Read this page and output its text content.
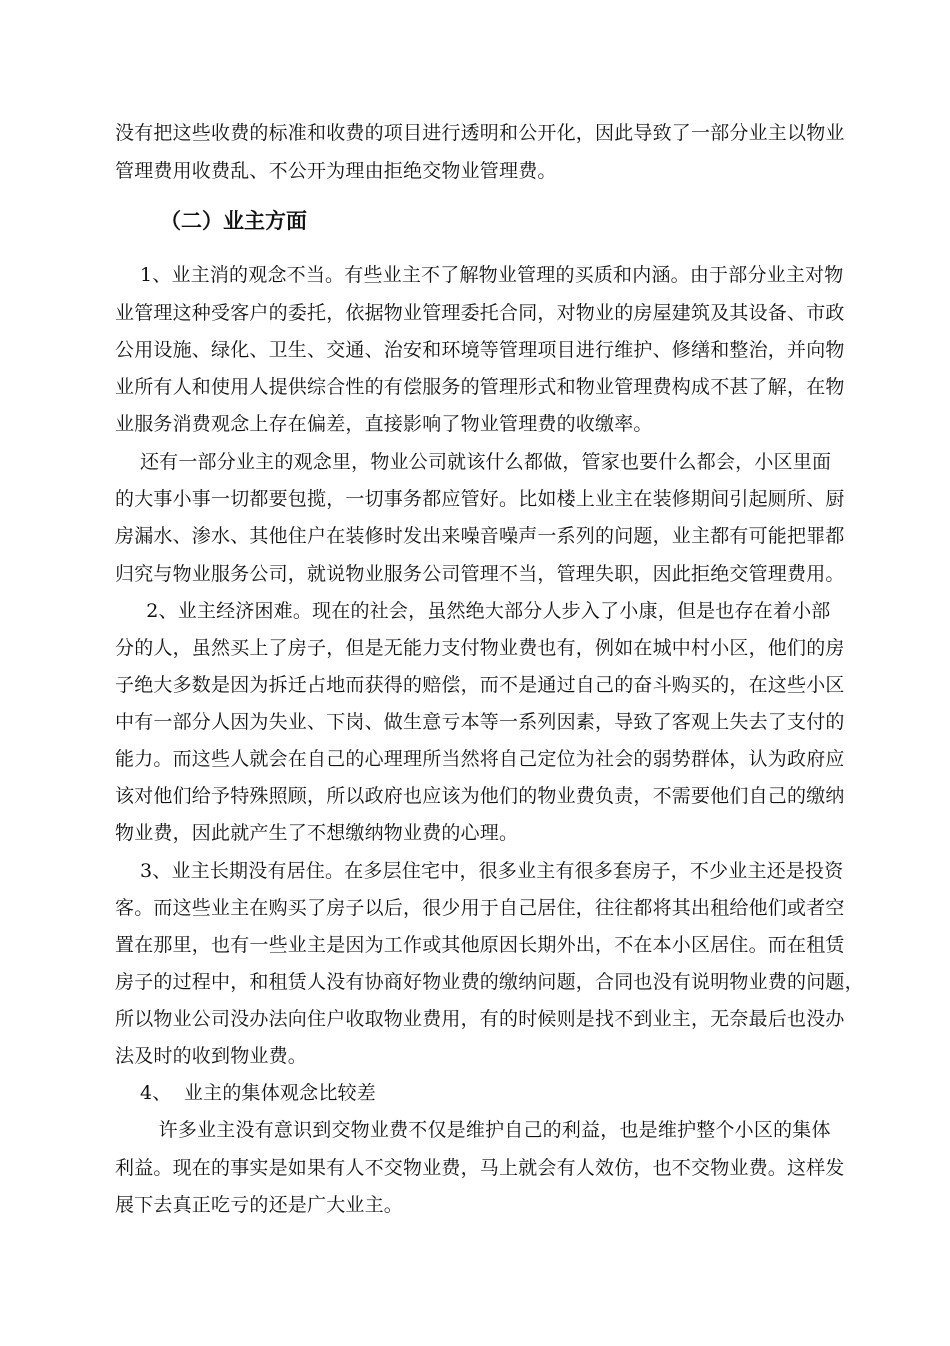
没有把这些收费的标准和收费的项目进行透明和公开化，因此导致了一部分业主以物业
管理费用收费乱、不公开为理由拒绝交物业管理费。
（二）业主方面
1、业主消的观念不当。有些业主不了解物业管理的买质和内涵。由于部分业主对物
业管理这种受客户的委托，依据物业管理委托合同，对物业的房屋建筑及其设备、市政
公用设施、绿化、卫生、交通、治安和环境等管理项目进行维护、修缮和整治，并向物
业所有人和使用人提供综合性的有偿服务的管理形式和物业管理费构成不甚了解，在物
业服务消费观念上存在偏差，直接影响了物业管理费的收缴率。
还有一部分业主的观念里，物业公司就该什么都做，管家也要什么都会，小区里面
的大事小事一切都要包揽，一切事务都应管好。比如楼上业主在装修期间引起厕所、厨
房漏水、渗水、其他住户在装修时发出来噪音噪声一系列的问题，业主都有可能把罪都
归究与物业服务公司，就说物业服务公司管理不当，管理失职，因此拒绝交管理费用。
2、业主经济困难。现在的社会，虽然绝大部分人步入了小康，但是也存在着小部
分的人，虽然买上了房子，但是无能力支付物业费也有，例如在城中村小区，他们的房
子绝大多数是因为拆迁占地而获得的赔偿，而不是通过自己的奋斗购买的，在这些小区
中有一部分人因为失业、下岗、做生意亏本等一系列因素，导致了客观上失去了支付的
能力。而这些人就会在自己的心理理所当然将自己定位为社会的弱势群体，认为政府应
该对他们给予特殊照顾，所以政府也应该为他们的物业费负责，不需要他们自己的缴纳
物业费，因此就产生了不想缴纳物业费的心理。
3、业主长期没有居住。在多层住宅中，很多业主有很多套房子，不少业主还是投资
客。而这些业主在购买了房子以后，很少用于自己居住，往往都将其出租给他们或者空
置在那里，也有一些业主是因为工作或其他原因长期外出，不在本小区居住。而在租赁
房子的过程中，和租赁人没有协商好物业费的缴纳问题，合同也没有说明物业费的问题，
所以物业公司没办法向住户收取物业费用，有的时候则是找不到业主，无奈最后也没办
法及时的收到物业费。
4、  业主的集体观念比较差
许多业主没有意识到交物业费不仅是维护自己的利益，也是维护整个小区的集体
利益。现在的事实是如果有人不交物业费，马上就会有人效仿，也不交物业费。这样发
展下去真正吃亏的还是广大业主。
